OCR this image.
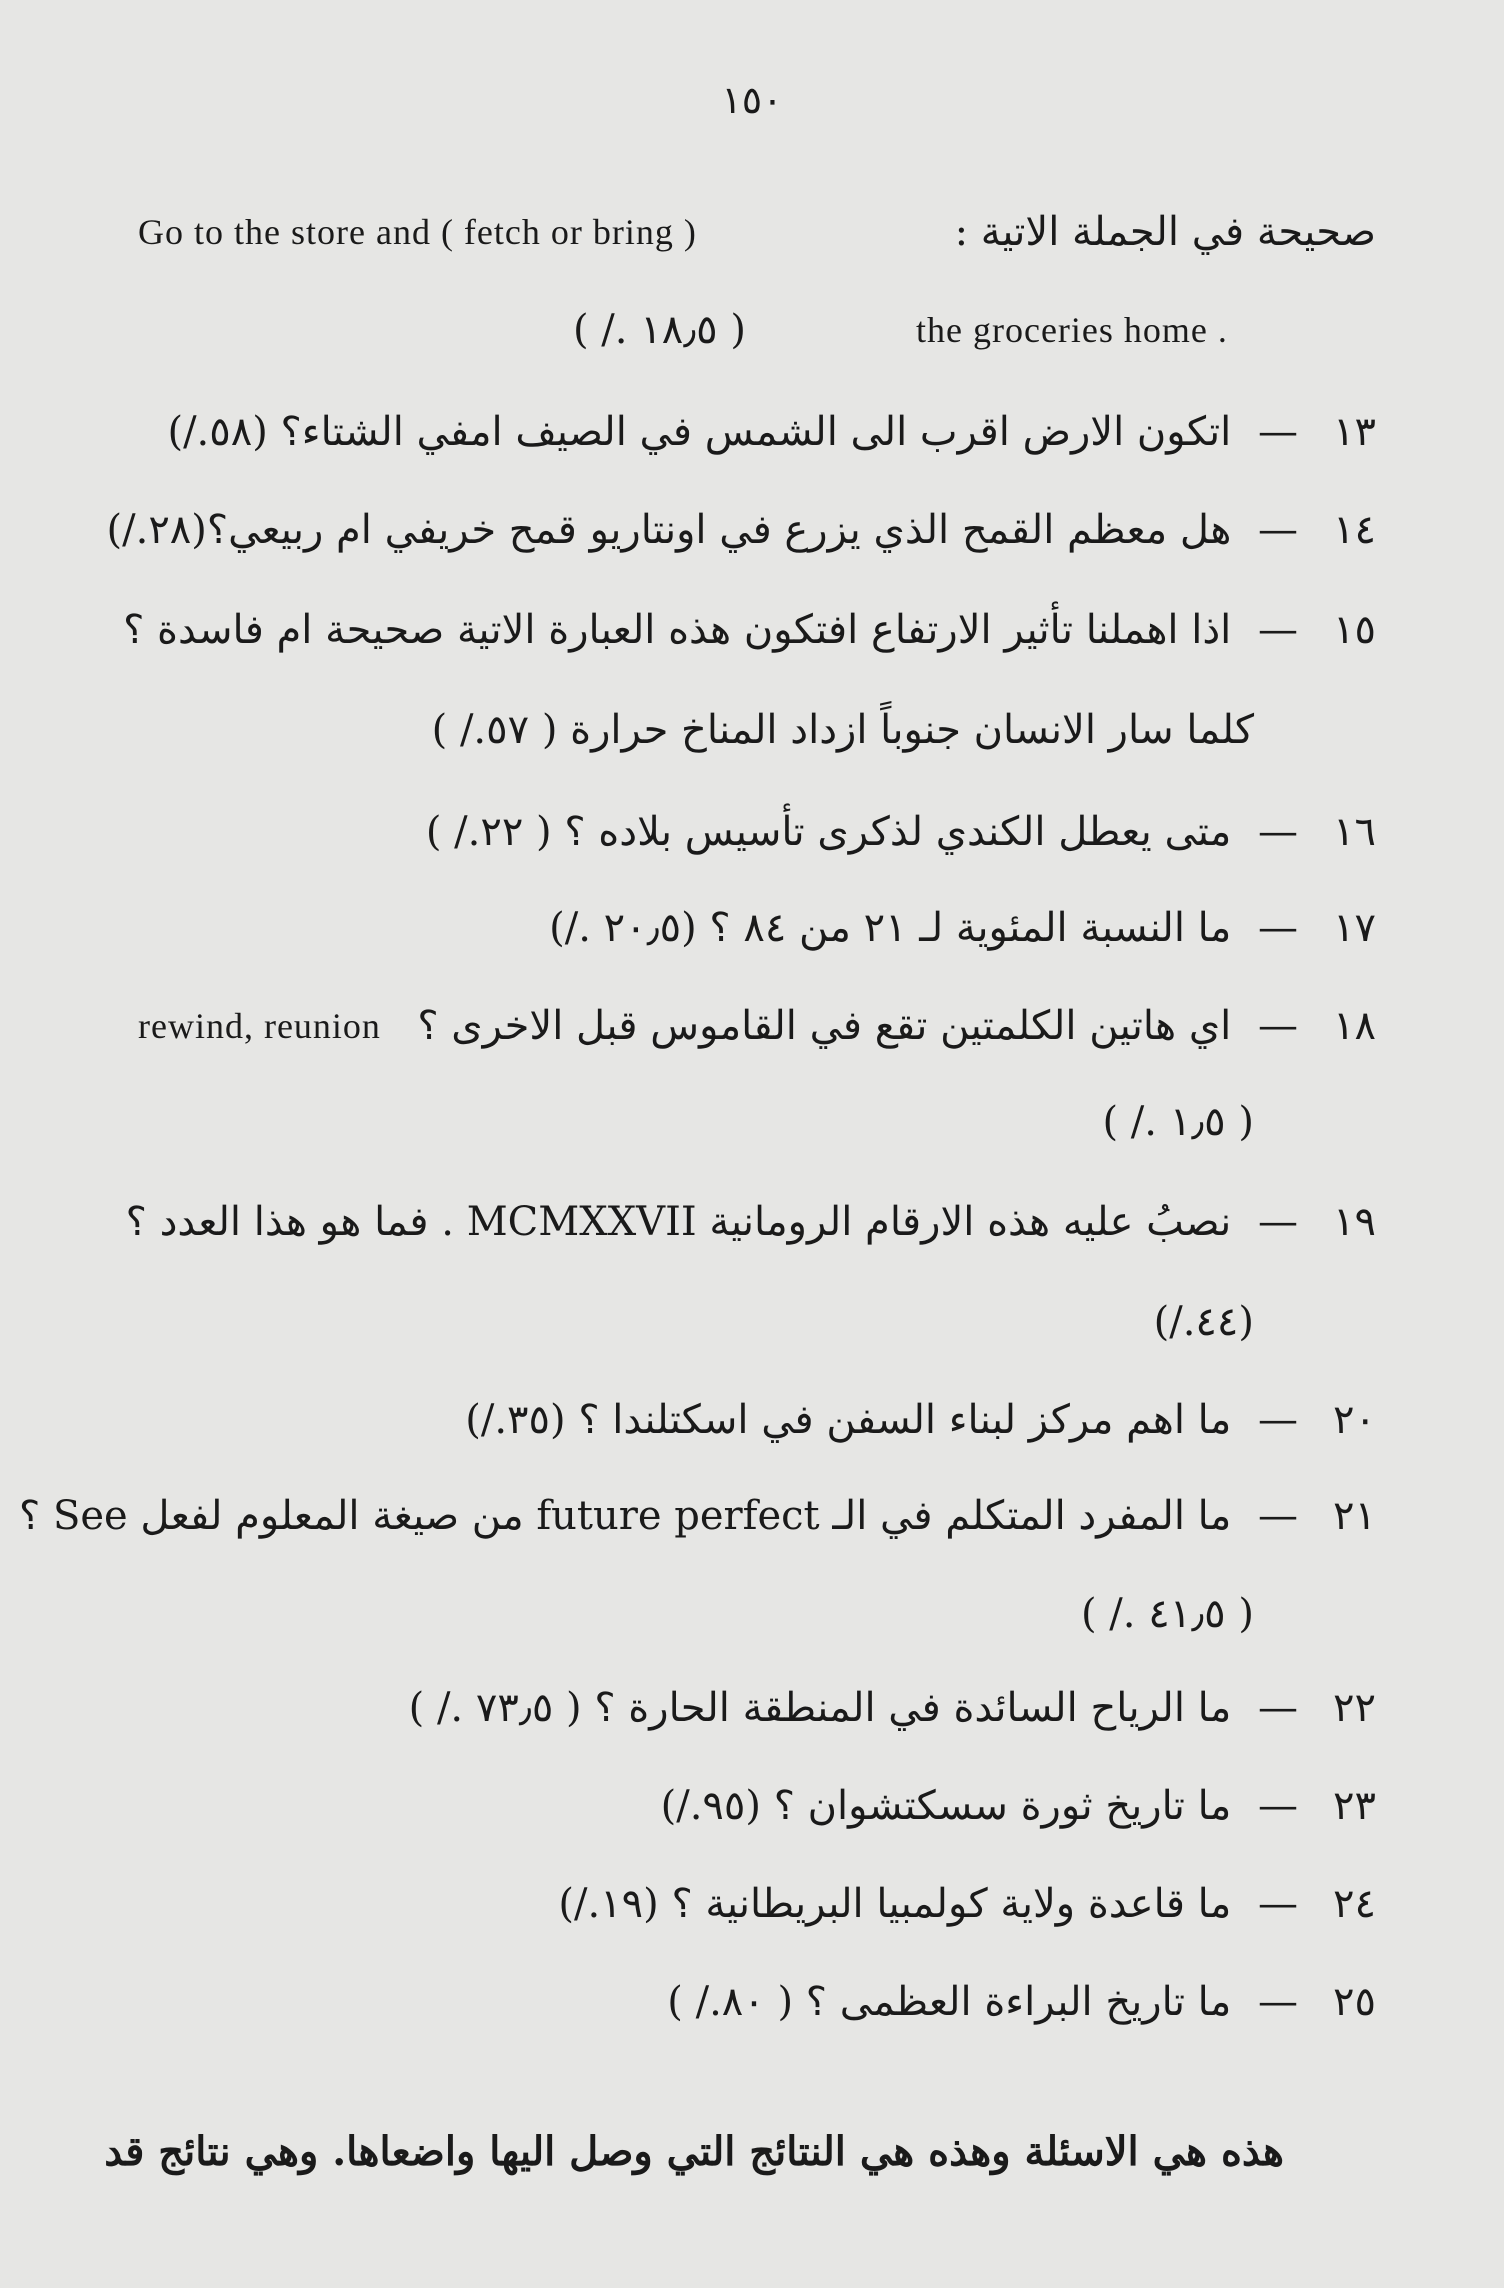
١٥٠
Go to the store and ( fetch or bring )	صحيحة في الجملة الاتية :
the groceries home .
( ١٨٫٥ ./ )
١٣— اتكون الارض اقرب الى الشمس في الصيف امفي الشتاء؟ (٥٨./)
١٤— هل معظم القمح الذي يزرع في اونتاريو قمح خريفي ام ربيعي؟(٢٨./)
١٥— اذا اهملنا تأثير الارتفاع افتكون هذه العبارة الاتية صحيحة ام فاسدة ؟
كلما سار الانسان جنوباً ازداد المناخ حرارة ( ٥٧./ )
١٦— متى يعطل الكندي لذكرى تأسيس بلاده ؟ ( ٢٢./ )
١٧— ما النسبة المئوية لـ ٢١ من ٨٤ ؟ (٢٠٫٥ ./)
rewind, reunion	١٨— اي هاتين الكلمتين تقع في القاموس قبل الاخرى ؟
( ١٫٥ ./ )
١٩— نصبُ عليه هذه الارقام الرومانية MCMXXVII . فما هو هذا العدد ؟
(٤٤./)
٢٠— ما اهم مركز لبناء السفن في اسكتلندا ؟ (٣٥./)
٢١— ما المفرد المتكلم في الـ future perfect من صيغة المعلوم لفعل See ؟
( ٤١٫٥ ./ )
٢٢— ما الرياح السائدة في المنطقة الحارة ؟ ( ٧٣٫٥ ./ )
٢٣— ما تاريخ ثورة سسكتشوان ؟ (٩٥./)
٢٤— ما قاعدة ولاية كولمبيا البريطانية ؟ (١٩./)
٢٥— ما تاريخ البراءة العظمى ؟ ( ٨٠./ )
هذه هي الاسئلة وهذه هي النتائج التي وصل اليها واضعاها. وهي نتائج قد
